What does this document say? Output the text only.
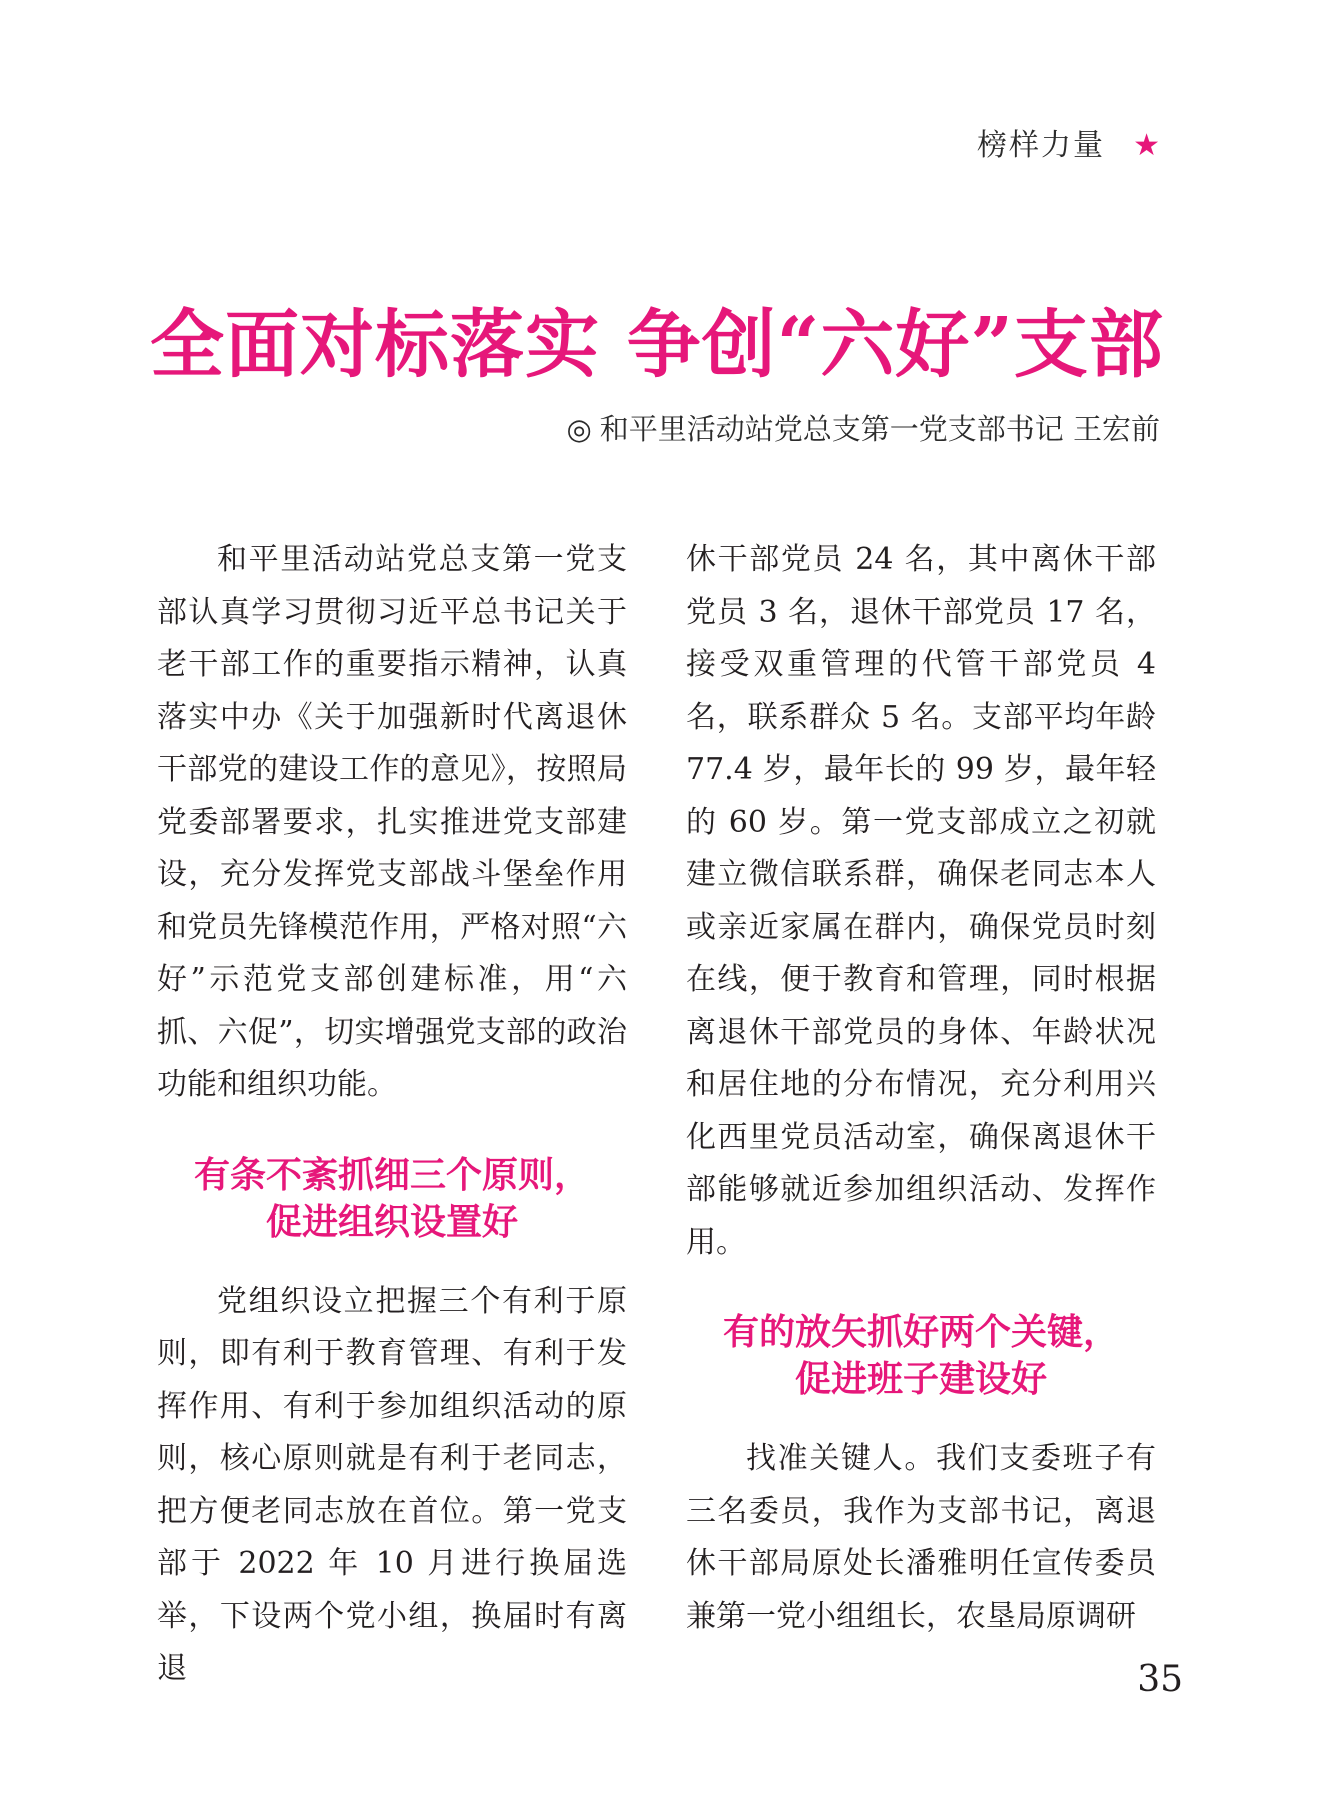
榜样力量 ★
全面对标落实 争创“六好”支部
◎ 和平里活动站党总支第一党支部书记 王宏前

和平里活动站党总支第一党支部认真学习贯彻习近平总书记关于老干部工作的重要指示精神，认真落实中办《关于加强新时代离退休干部党的建设工作的意见》，按照局党委部署要求，扎实推进党支部建设，充分发挥党支部战斗堡垒作用和党员先锋模范作用，严格对照“六好”示范党支部创建标准，用“六抓、六促”，切实增强党支部的政治功能和组织功能。

有条不紊抓细三个原则，
促进组织设置好

党组织设立把握三个有利于原则，即有利于教育管理、有利于发挥作用、有利于参加组织活动的原则，核心原则就是有利于老同志，把方便老同志放在首位。第一党支部于 2022 年 10 月进行换届选举，下设两个党小组，换届时有离退

休干部党员 24 名，其中离休干部党员 3 名，退休干部党员 17 名，接受双重管理的代管干部党员 4 名，联系群众 5 名。支部平均年龄 77.4 岁，最年长的 99 岁，最年轻的 60 岁。第一党支部成立之初就建立微信联系群，确保老同志本人或亲近家属在群内，确保党员时刻在线，便于教育和管理，同时根据离退休干部党员的身体、年龄状况和居住地的分布情况，充分利用兴化西里党员活动室，确保离退休干部能够就近参加组织活动、发挥作用。

有的放矢抓好两个关键，
促进班子建设好

找准关键人。我们支委班子有三名委员，我作为支部书记，离退休干部局原处长潘雅明任宣传委员兼第一党小组组长，农垦局原调研

35
